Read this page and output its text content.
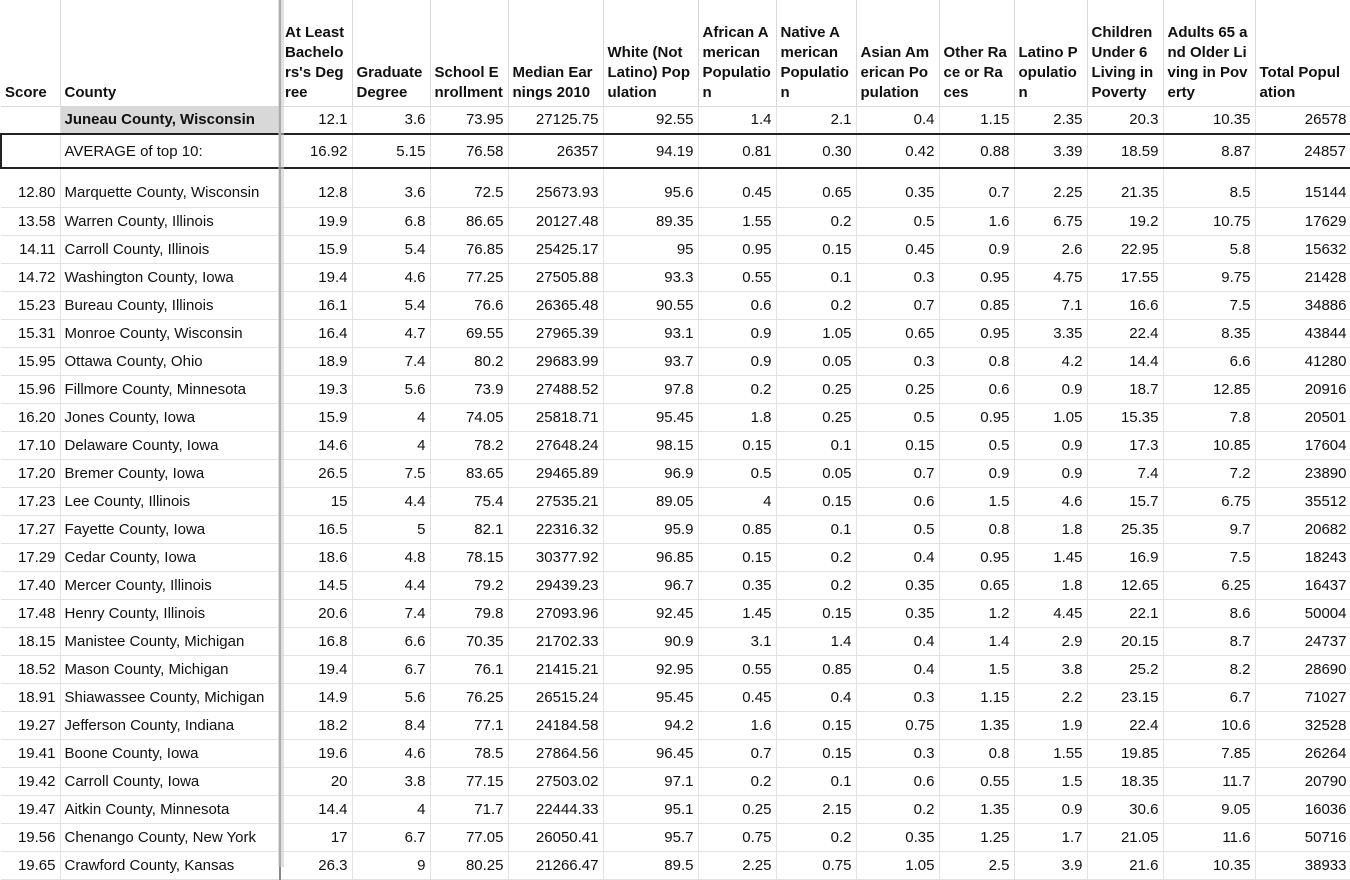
Score	County	At Least Bachelors's Degree	Graduate Degree	School Enrollment	Median Earnings 2010	White (Not Latino) Population	African American Population	Native American Population	Asian American Population	Other Race or Races	Latino Population	Children Under 6 Living in Poverty	Adults 65 and Older Living in Poverty	Total Population
	Juneau County, Wisconsin	12.1	3.6	73.95	27125.75	92.55	1.4	2.1	0.4	1.15	2.35	20.3	10.35	26578
	AVERAGE of top 10:	16.92	5.15	76.58	26357	94.19	0.81	0.30	0.42	0.88	3.39	18.59	8.87	24857

12.80	Marquette County, Wisconsin	12.8	3.6	72.5	25673.93	95.6	0.45	0.65	0.35	0.7	2.25	21.35	8.5	15144
13.58	Warren County, Illinois	19.9	6.8	86.65	20127.48	89.35	1.55	0.2	0.5	1.6	6.75	19.2	10.75	17629
14.11	Carroll County, Illinois	15.9	5.4	76.85	25425.17	95	0.95	0.15	0.45	0.9	2.6	22.95	5.8	15632
14.72	Washington County, Iowa	19.4	4.6	77.25	27505.88	93.3	0.55	0.1	0.3	0.95	4.75	17.55	9.75	21428
15.23	Bureau County, Illinois	16.1	5.4	76.6	26365.48	90.55	0.6	0.2	0.7	0.85	7.1	16.6	7.5	34886
15.31	Monroe County, Wisconsin	16.4	4.7	69.55	27965.39	93.1	0.9	1.05	0.65	0.95	3.35	22.4	8.35	43844
15.95	Ottawa County, Ohio	18.9	7.4	80.2	29683.99	93.7	0.9	0.05	0.3	0.8	4.2	14.4	6.6	41280
15.96	Fillmore County, Minnesota	19.3	5.6	73.9	27488.52	97.8	0.2	0.25	0.25	0.6	0.9	18.7	12.85	20916
16.20	Jones County, Iowa	15.9	4	74.05	25818.71	95.45	1.8	0.25	0.5	0.95	1.05	15.35	7.8	20501
17.10	Delaware County, Iowa	14.6	4	78.2	27648.24	98.15	0.15	0.1	0.15	0.5	0.9	17.3	10.85	17604
17.20	Bremer County, Iowa	26.5	7.5	83.65	29465.89	96.9	0.5	0.05	0.7	0.9	0.9	7.4	7.2	23890
17.23	Lee County, Illinois	15	4.4	75.4	27535.21	89.05	4	0.15	0.6	1.5	4.6	15.7	6.75	35512
17.27	Fayette County, Iowa	16.5	5	82.1	22316.32	95.9	0.85	0.1	0.5	0.8	1.8	25.35	9.7	20682
17.29	Cedar County, Iowa	18.6	4.8	78.15	30377.92	96.85	0.15	0.2	0.4	0.95	1.45	16.9	7.5	18243
17.40	Mercer County, Illinois	14.5	4.4	79.2	29439.23	96.7	0.35	0.2	0.35	0.65	1.8	12.65	6.25	16437
17.48	Henry County, Illinois	20.6	7.4	79.8	27093.96	92.45	1.45	0.15	0.35	1.2	4.45	22.1	8.6	50004
18.15	Manistee County, Michigan	16.8	6.6	70.35	21702.33	90.9	3.1	1.4	0.4	1.4	2.9	20.15	8.7	24737
18.52	Mason County, Michigan	19.4	6.7	76.1	21415.21	92.95	0.55	0.85	0.4	1.5	3.8	25.2	8.2	28690
18.91	Shiawassee County, Michigan	14.9	5.6	76.25	26515.24	95.45	0.45	0.4	0.3	1.15	2.2	23.15	6.7	71027
19.27	Jefferson County, Indiana	18.2	8.4	77.1	24184.58	94.2	1.6	0.15	0.75	1.35	1.9	22.4	10.6	32528
19.41	Boone County, Iowa	19.6	4.6	78.5	27864.56	96.45	0.7	0.15	0.3	0.8	1.55	19.85	7.85	26264
19.42	Carroll County, Iowa	20	3.8	77.15	27503.02	97.1	0.2	0.1	0.6	0.55	1.5	18.35	11.7	20790
19.47	Aitkin County, Minnesota	14.4	4	71.7	22444.33	95.1	0.25	2.15	0.2	1.35	0.9	30.6	9.05	16036
19.56	Chenango County, New York	17	6.7	77.05	26050.41	95.7	0.75	0.2	0.35	1.25	1.7	21.05	11.6	50716
19.65	Crawford County, Kansas	26.3	9	80.25	21266.47	89.5	2.25	0.75	1.05	2.5	3.9	21.6	10.35	38933
